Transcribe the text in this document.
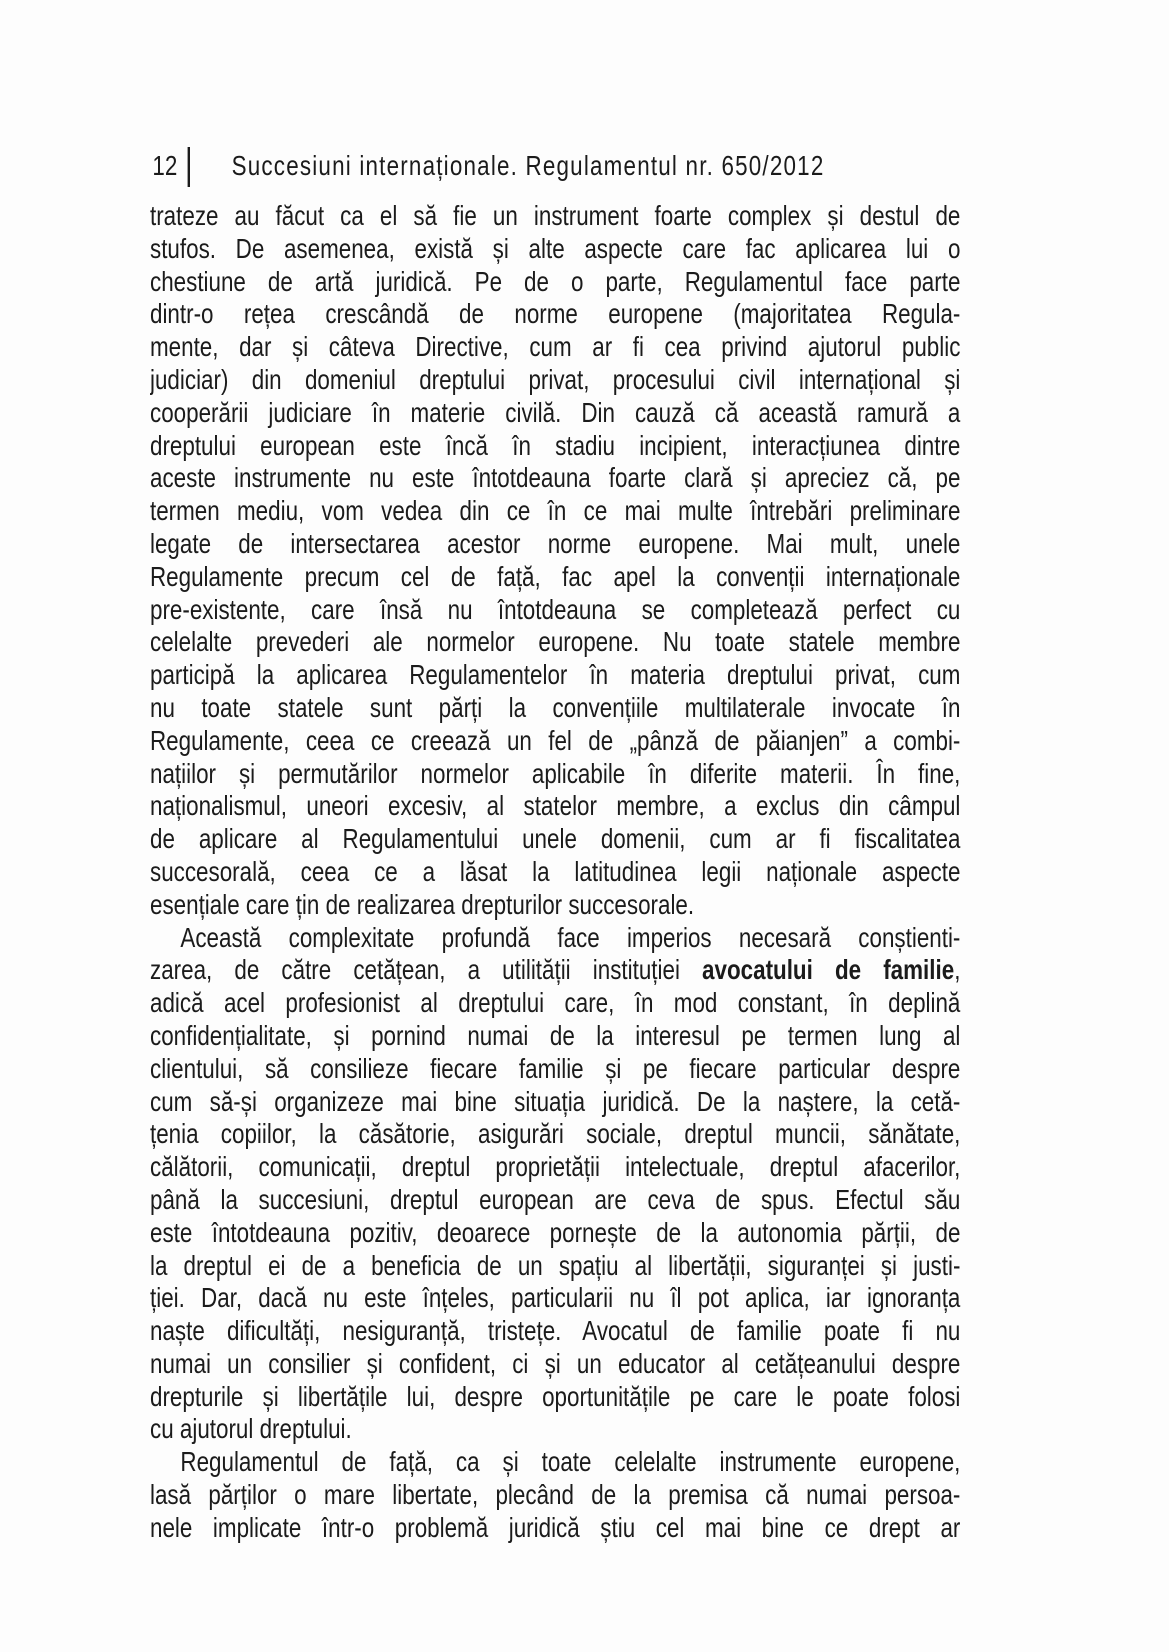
12 Succesiuni internaționale. Regulamentul nr. 650/2012
trateze au făcut ca el să fie un instrument foarte complex și destul de
stufos. De asemenea, există și alte aspecte care fac aplicarea lui o
chestiune de artă juridică. Pe de o parte, Regulamentul face parte
dintr-o rețea crescândă de norme europene (majoritatea Regula-
mente, dar și câteva Directive, cum ar fi cea privind ajutorul public
judiciar) din domeniul dreptului privat, procesului civil internațional și
cooperării judiciare în materie civilă. Din cauză că această ramură a
dreptului european este încă în stadiu incipient, interacțiunea dintre
aceste instrumente nu este întotdeauna foarte clară și apreciez că, pe
termen mediu, vom vedea din ce în ce mai multe întrebări preliminare
legate de intersectarea acestor norme europene. Mai mult, unele
Regulamente precum cel de față, fac apel la convenții internaționale
pre-existente, care însă nu întotdeauna se completează perfect cu
celelalte prevederi ale normelor europene. Nu toate statele membre
participă la aplicarea Regulamentelor în materia dreptului privat, cum
nu toate statele sunt părți la convențiile multilaterale invocate în
Regulamente, ceea ce creează un fel de „pânză de păianjen” a combi-
națiilor și permutărilor normelor aplicabile în diferite materii. În fine,
naționalismul, uneori excesiv, al statelor membre, a exclus din câmpul
de aplicare al Regulamentului unele domenii, cum ar fi fiscalitatea
succesorală, ceea ce a lăsat la latitudinea legii naționale aspecte
esențiale care țin de realizarea drepturilor succesorale.
Această complexitate profundă face imperios necesară conștienti-
zarea, de către cetățean, a utilității instituției avocatului de familie,
adică acel profesionist al dreptului care, în mod constant, în deplină
confidențialitate, și pornind numai de la interesul pe termen lung al
clientului, să consilieze fiecare familie și pe fiecare particular despre
cum să-și organizeze mai bine situația juridică. De la naștere, la cetă-
țenia copiilor, la căsătorie, asigurări sociale, dreptul muncii, sănătate,
călătorii, comunicații, dreptul proprietății intelectuale, dreptul afacerilor,
până la succesiuni, dreptul european are ceva de spus. Efectul său
este întotdeauna pozitiv, deoarece pornește de la autonomia părții, de
la dreptul ei de a beneficia de un spațiu al libertății, siguranței și justi-
ției. Dar, dacă nu este înțeles, particularii nu îl pot aplica, iar ignoranța
naște dificultăți, nesiguranță, tristețe. Avocatul de familie poate fi nu
numai un consilier și confident, ci și un educator al cetățeanului despre
drepturile și libertățile lui, despre oportunitățile pe care le poate folosi
cu ajutorul dreptului.
Regulamentul de față, ca și toate celelalte instrumente europene,
lasă părților o mare libertate, plecând de la premisa că numai persoa-
nele implicate într-o problemă juridică știu cel mai bine ce drept ar
